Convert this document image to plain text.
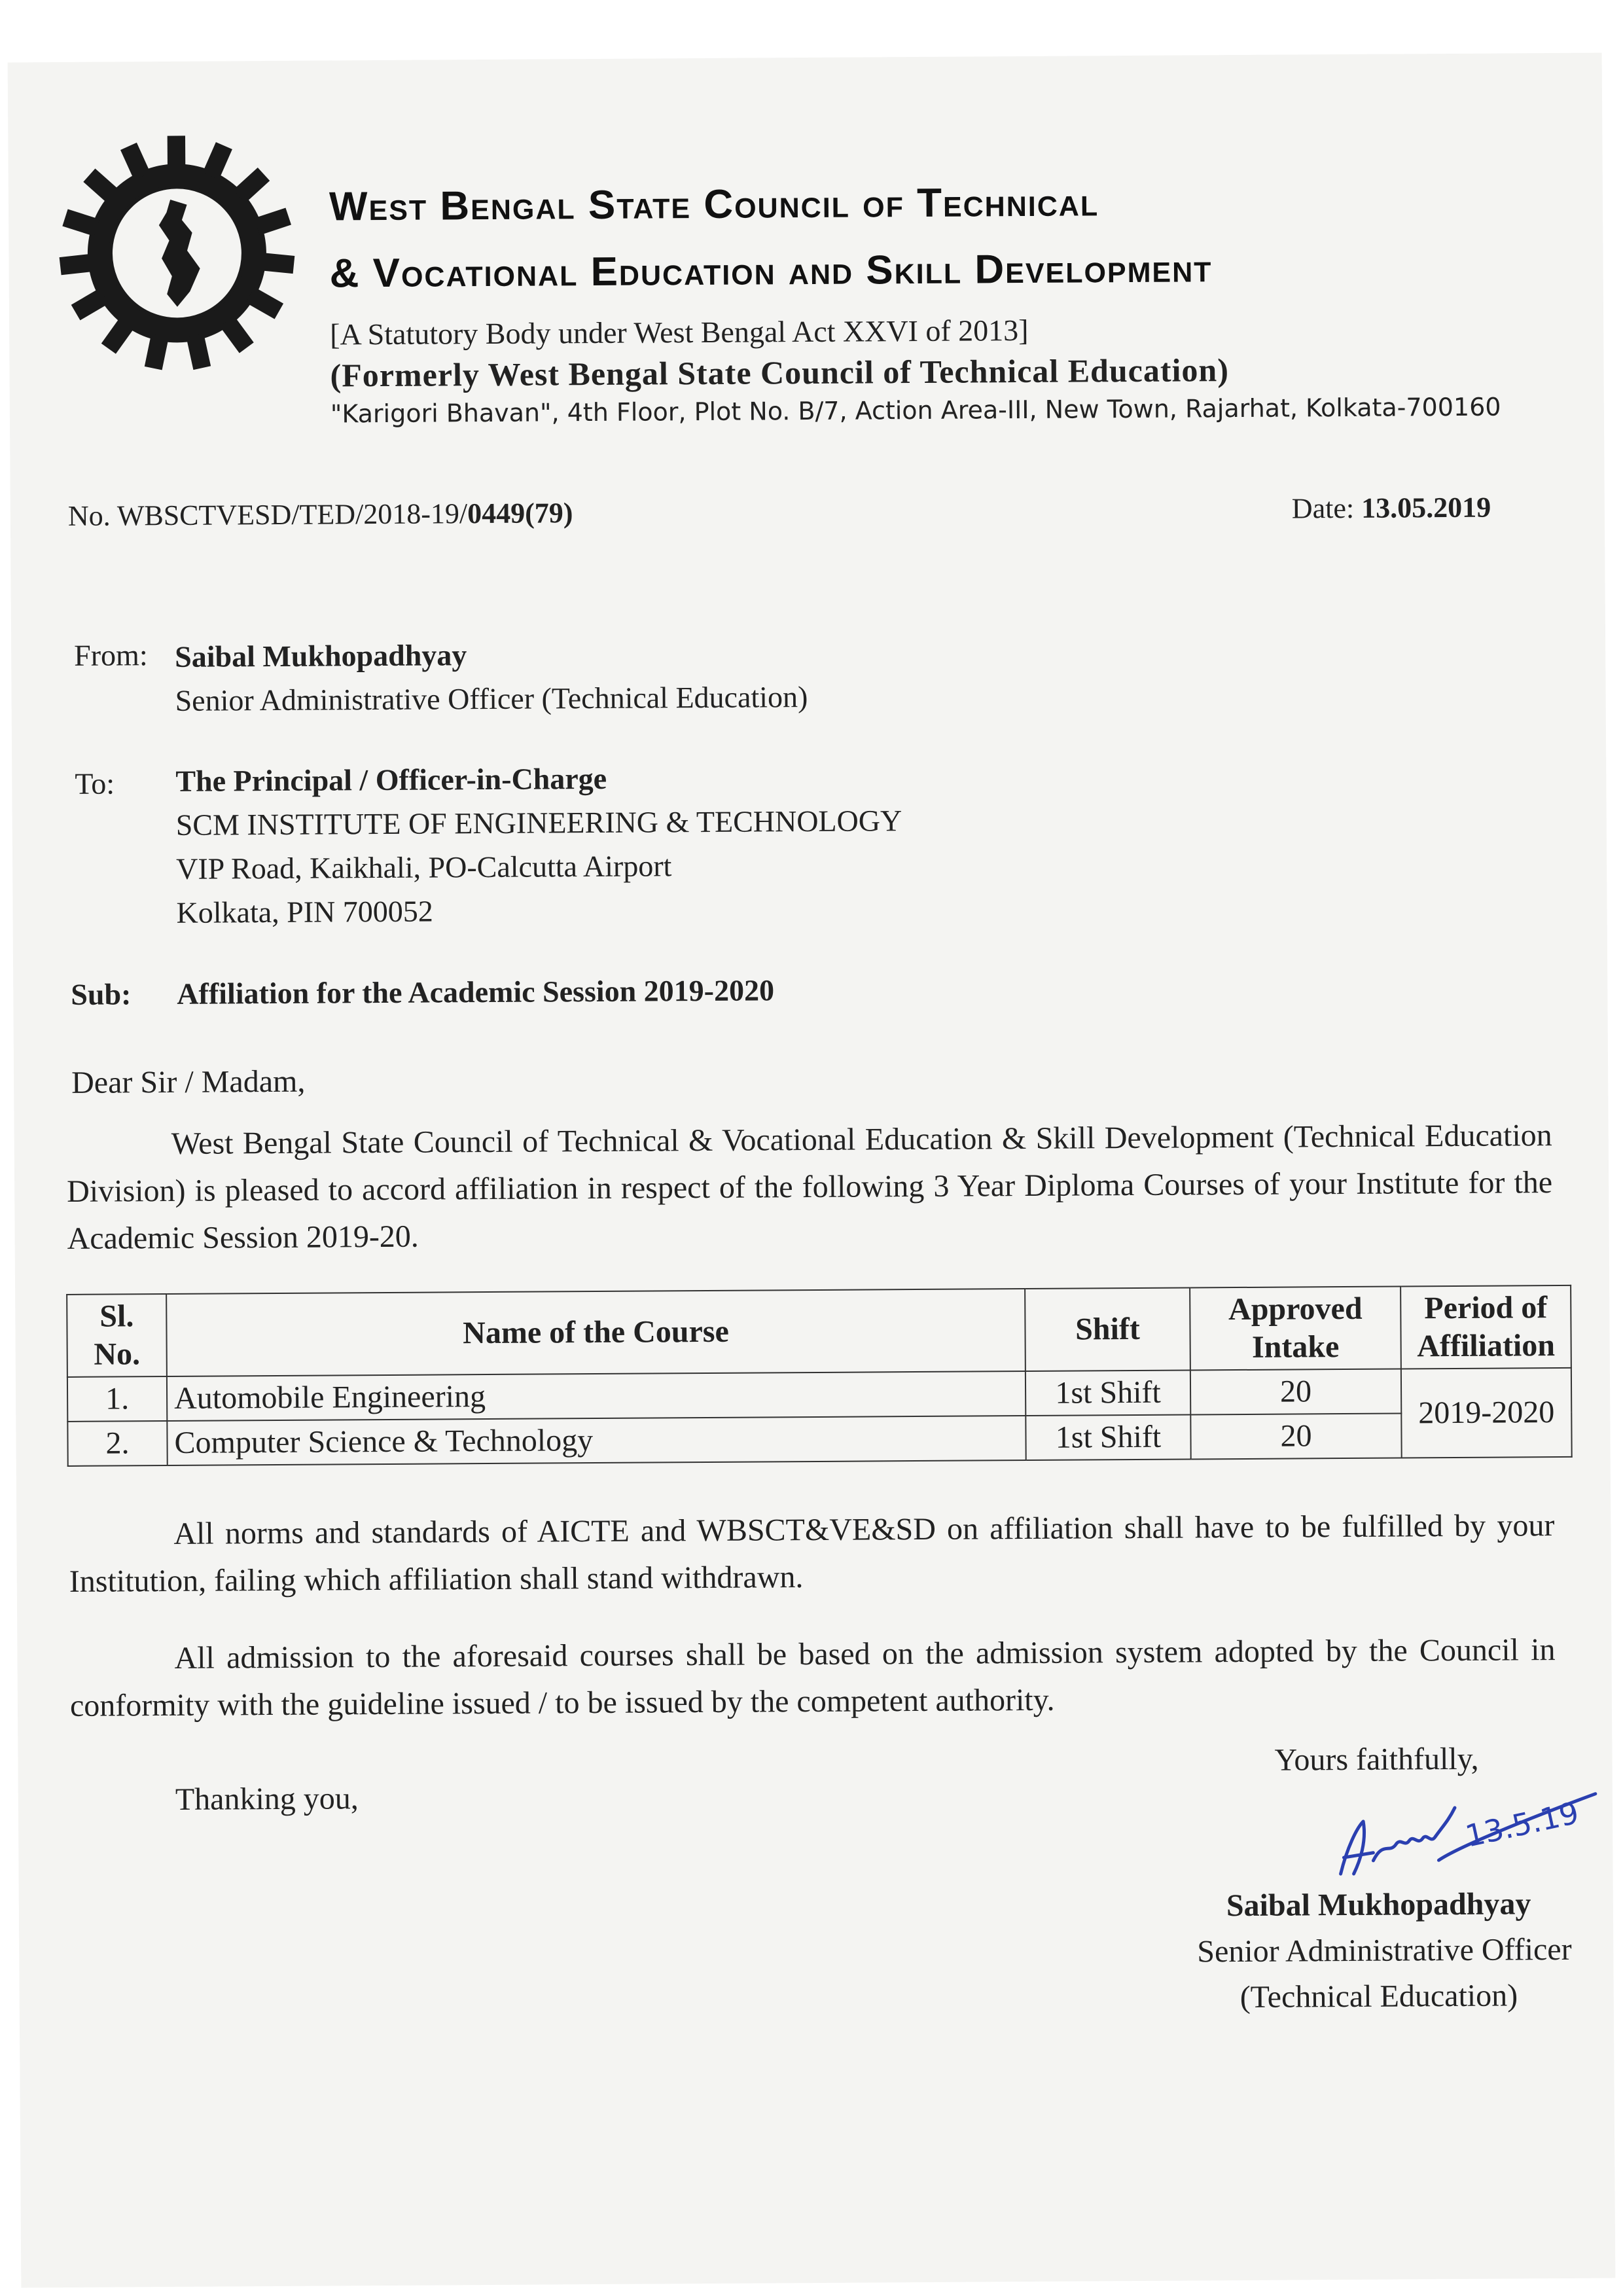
West Bengal State Council of Technical
& Vocational Education and Skill Development
[A Statutory Body under West Bengal Act XXVI of 2013]
(Formerly West Bengal State Council of Technical Education)
"Karigori Bhavan", 4th Floor, Plot No. B/7, Action Area-III, New Town, Rajarhat, Kolkata-700160
No. WBSCTVESD/TED/2018-19/0449(79)	Date: 13.05.2019
From: Saibal Mukhopadhyay
Senior Administrative Officer (Technical Education)
To: The Principal / Officer-in-Charge
SCM INSTITUTE OF ENGINEERING & TECHNOLOGY
VIP Road, Kaikhali, PO-Calcutta Airport
Kolkata, PIN 700052
Sub: Affiliation for the Academic Session 2019-2020
Dear Sir / Madam,
West Bengal State Council of Technical & Vocational Education & Skill Development (Technical Education Division) is pleased to accord affiliation in respect of the following 3 Year Diploma Courses of your Institute for the Academic Session 2019-20.
Sl. No.	Name of the Course	Shift	Approved Intake	Period of Affiliation
1.	Automobile Engineering	1st Shift	20	2019-2020
2.	Computer Science & Technology	1st Shift	20	
All norms and standards of AICTE and WBSCT&VE&SD on affiliation shall have to be fulfilled by your Institution, failing which affiliation shall stand withdrawn.
All admission to the aforesaid courses shall be based on the admission system adopted by the Council in conformity with the guideline issued / to be issued by the competent authority.
Thanking you,
Yours faithfully,
13.5.19
Saibal Mukhopadhyay
Senior Administrative Officer
(Technical Education)
